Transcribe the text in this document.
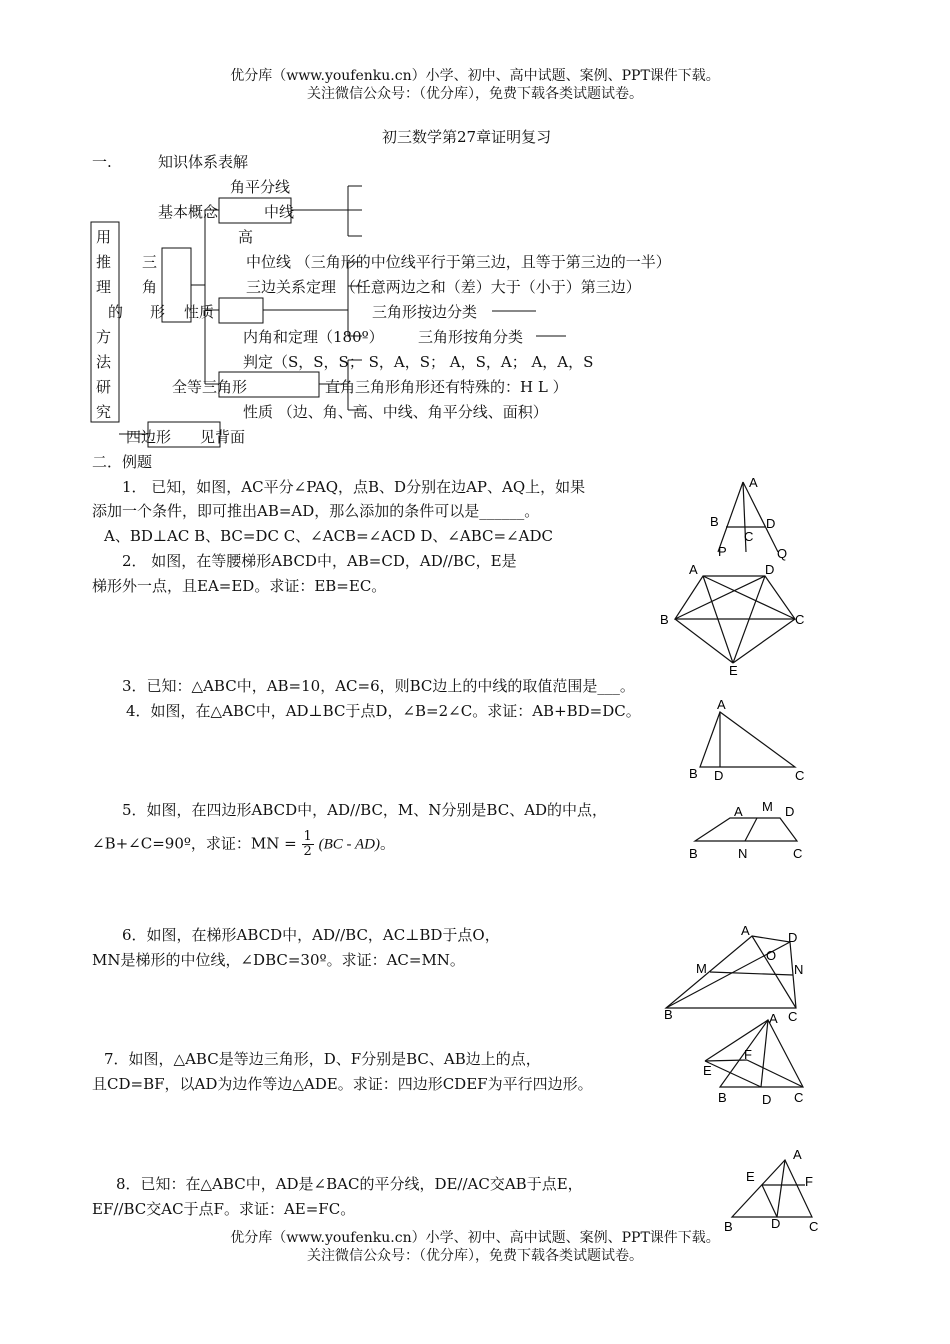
优分库（www.youfenku.cn）小学、初中、高中试题、案例、PPT课件下载。
关注微信公众号：（优分库），免费下载各类试题试卷。
初三数学第27章证明复习
一.	知识体系表解
用
推
理
的
方
法
研
究
三
角
形
角平分线
基本概念	中线
高
中位线 （三角形的中位线平行于第三边，且等于第三边的一半）
三边关系定理 （任意两边之和（差）大于（小于）第三边）
性质	三角形按边分类
内角和定理（180º） 三角形按角分类
判定（S，S，S； S，A，S； A，S，A； A，A，S
全等三角形	直角三角形角形还有特殊的：H L ）
性质 （边、角、高、中线、角平分线、面积）
四边形 见背面
二．例题
1． 已知，如图，AC平分∠PAQ，点B、D分别在边AP、AQ上，如果
添加一个条件，即可推出AB=AD，那么添加的条件可以是______。
A、BD⊥AC B、BC=DC C、∠ACB=∠ACD D、∠ABC=∠ADC
2． 如图，在等腰梯形ABCD中，AB=CD，AD//BC，E是
梯形外一点，且EA=ED。求证：EB=EC。
3．已知：△ABC中，AB=10，AC=6，则BC边上的中线的取值范围是___。
4．如图，在△ABC中，AD⊥BC于点D，∠B=2∠C。求证：AB+BD=DC。
5．如图，在四边形ABCD中，AD//BC，M、N分别是BC、AD的中点，
∠B+∠C=90º，求证：MN = $\frac{1}{2} (BC - AD)$。
6．如图，在梯形ABCD中，AD//BC，AC⊥BD于点O，
MN是梯形的中位线，∠DBC=30º。求证：AC=MN。
7．如图，△ABC是等边三角形，D、F分别是BC、AB边上的点，
且CD=BF，以AD为边作等边△ADE。求证：四边形CDEF为平行四边形。
8．已知：在△ABC中，AD是∠BAC的平分线，DE//AC交AB于点E，
EF//BC交AC于点F。求证：AE=FC。
A
B
C
D
P	Q
A	D
B	C
E
A
B D	C
A M D
B	N	C
A	D
O
M	N
B	C
A
F
E
B	D C
A
E	F
B	D C
优分库（www.youfenku.cn）小学、初中、高中试题、案例、PPT课件下载。
关注微信公众号：（优分库），免费下载各类试题试卷。
